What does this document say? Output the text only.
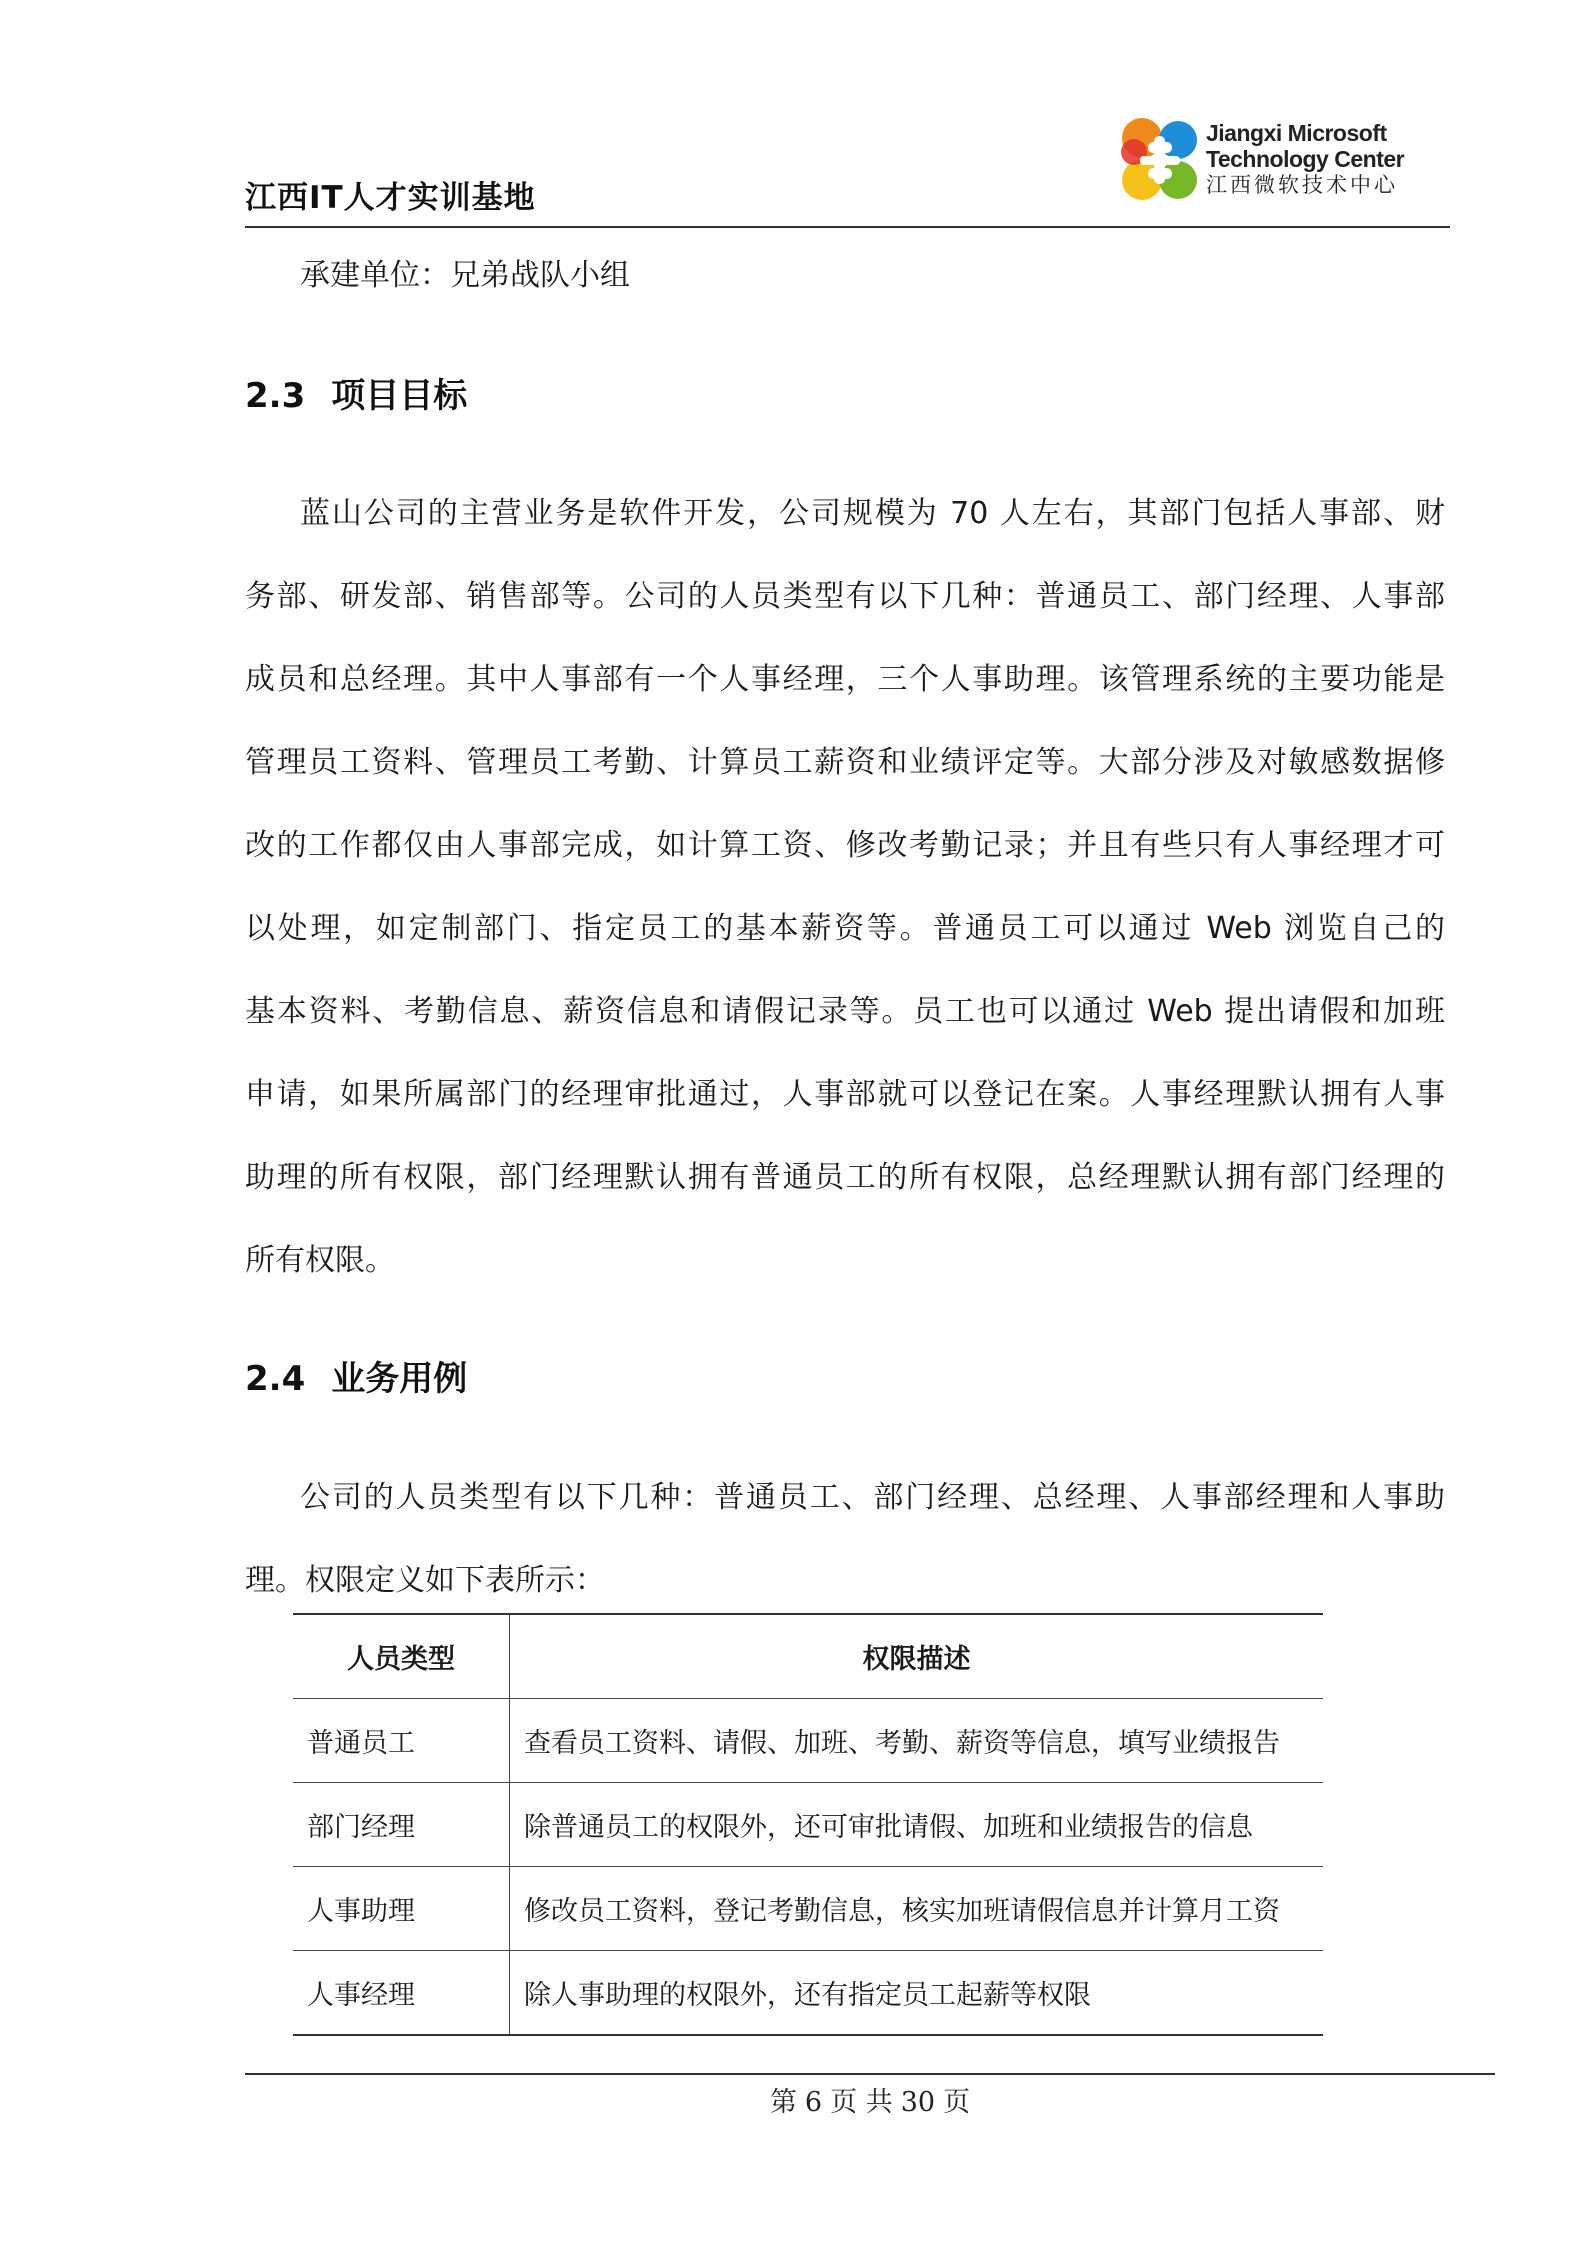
江西IT人才实训基地
Jiangxi Microsoft
Technology Center
江西微软技术中心
承建单位：兄弟战队小组
2.3 项目目标
蓝山公司的主营业务是软件开发，公司规模为 70 人左右，其部门包括人事部、财
务部、研发部、销售部等。公司的人员类型有以下几种：普通员工、部门经理、人事部
成员和总经理。其中人事部有一个人事经理，三个人事助理。该管理系统的主要功能是
管理员工资料、管理员工考勤、计算员工薪资和业绩评定等。大部分涉及对敏感数据修
改的工作都仅由人事部完成，如计算工资、修改考勤记录；并且有些只有人事经理才可
以处理，如定制部门、指定员工的基本薪资等。普通员工可以通过 Web 浏览自己的
基本资料、考勤信息、薪资信息和请假记录等。员工也可以通过 Web 提出请假和加班
申请，如果所属部门的经理审批通过，人事部就可以登记在案。人事经理默认拥有人事
助理的所有权限，部门经理默认拥有普通员工的所有权限，总经理默认拥有部门经理的
所有权限。
2.4 业务用例
公司的人员类型有以下几种：普通员工、部门经理、总经理、人事部经理和人事助
理。权限定义如下表所示：
人员类型	权限描述
普通员工	查看员工资料、请假、加班、考勤、薪资等信息，填写业绩报告
部门经理	除普通员工的权限外，还可审批请假、加班和业绩报告的信息
人事助理	修改员工资料，登记考勤信息，核实加班请假信息并计算月工资
人事经理	除人事助理的权限外，还有指定员工起薪等权限
第 6 页 共 30 页
